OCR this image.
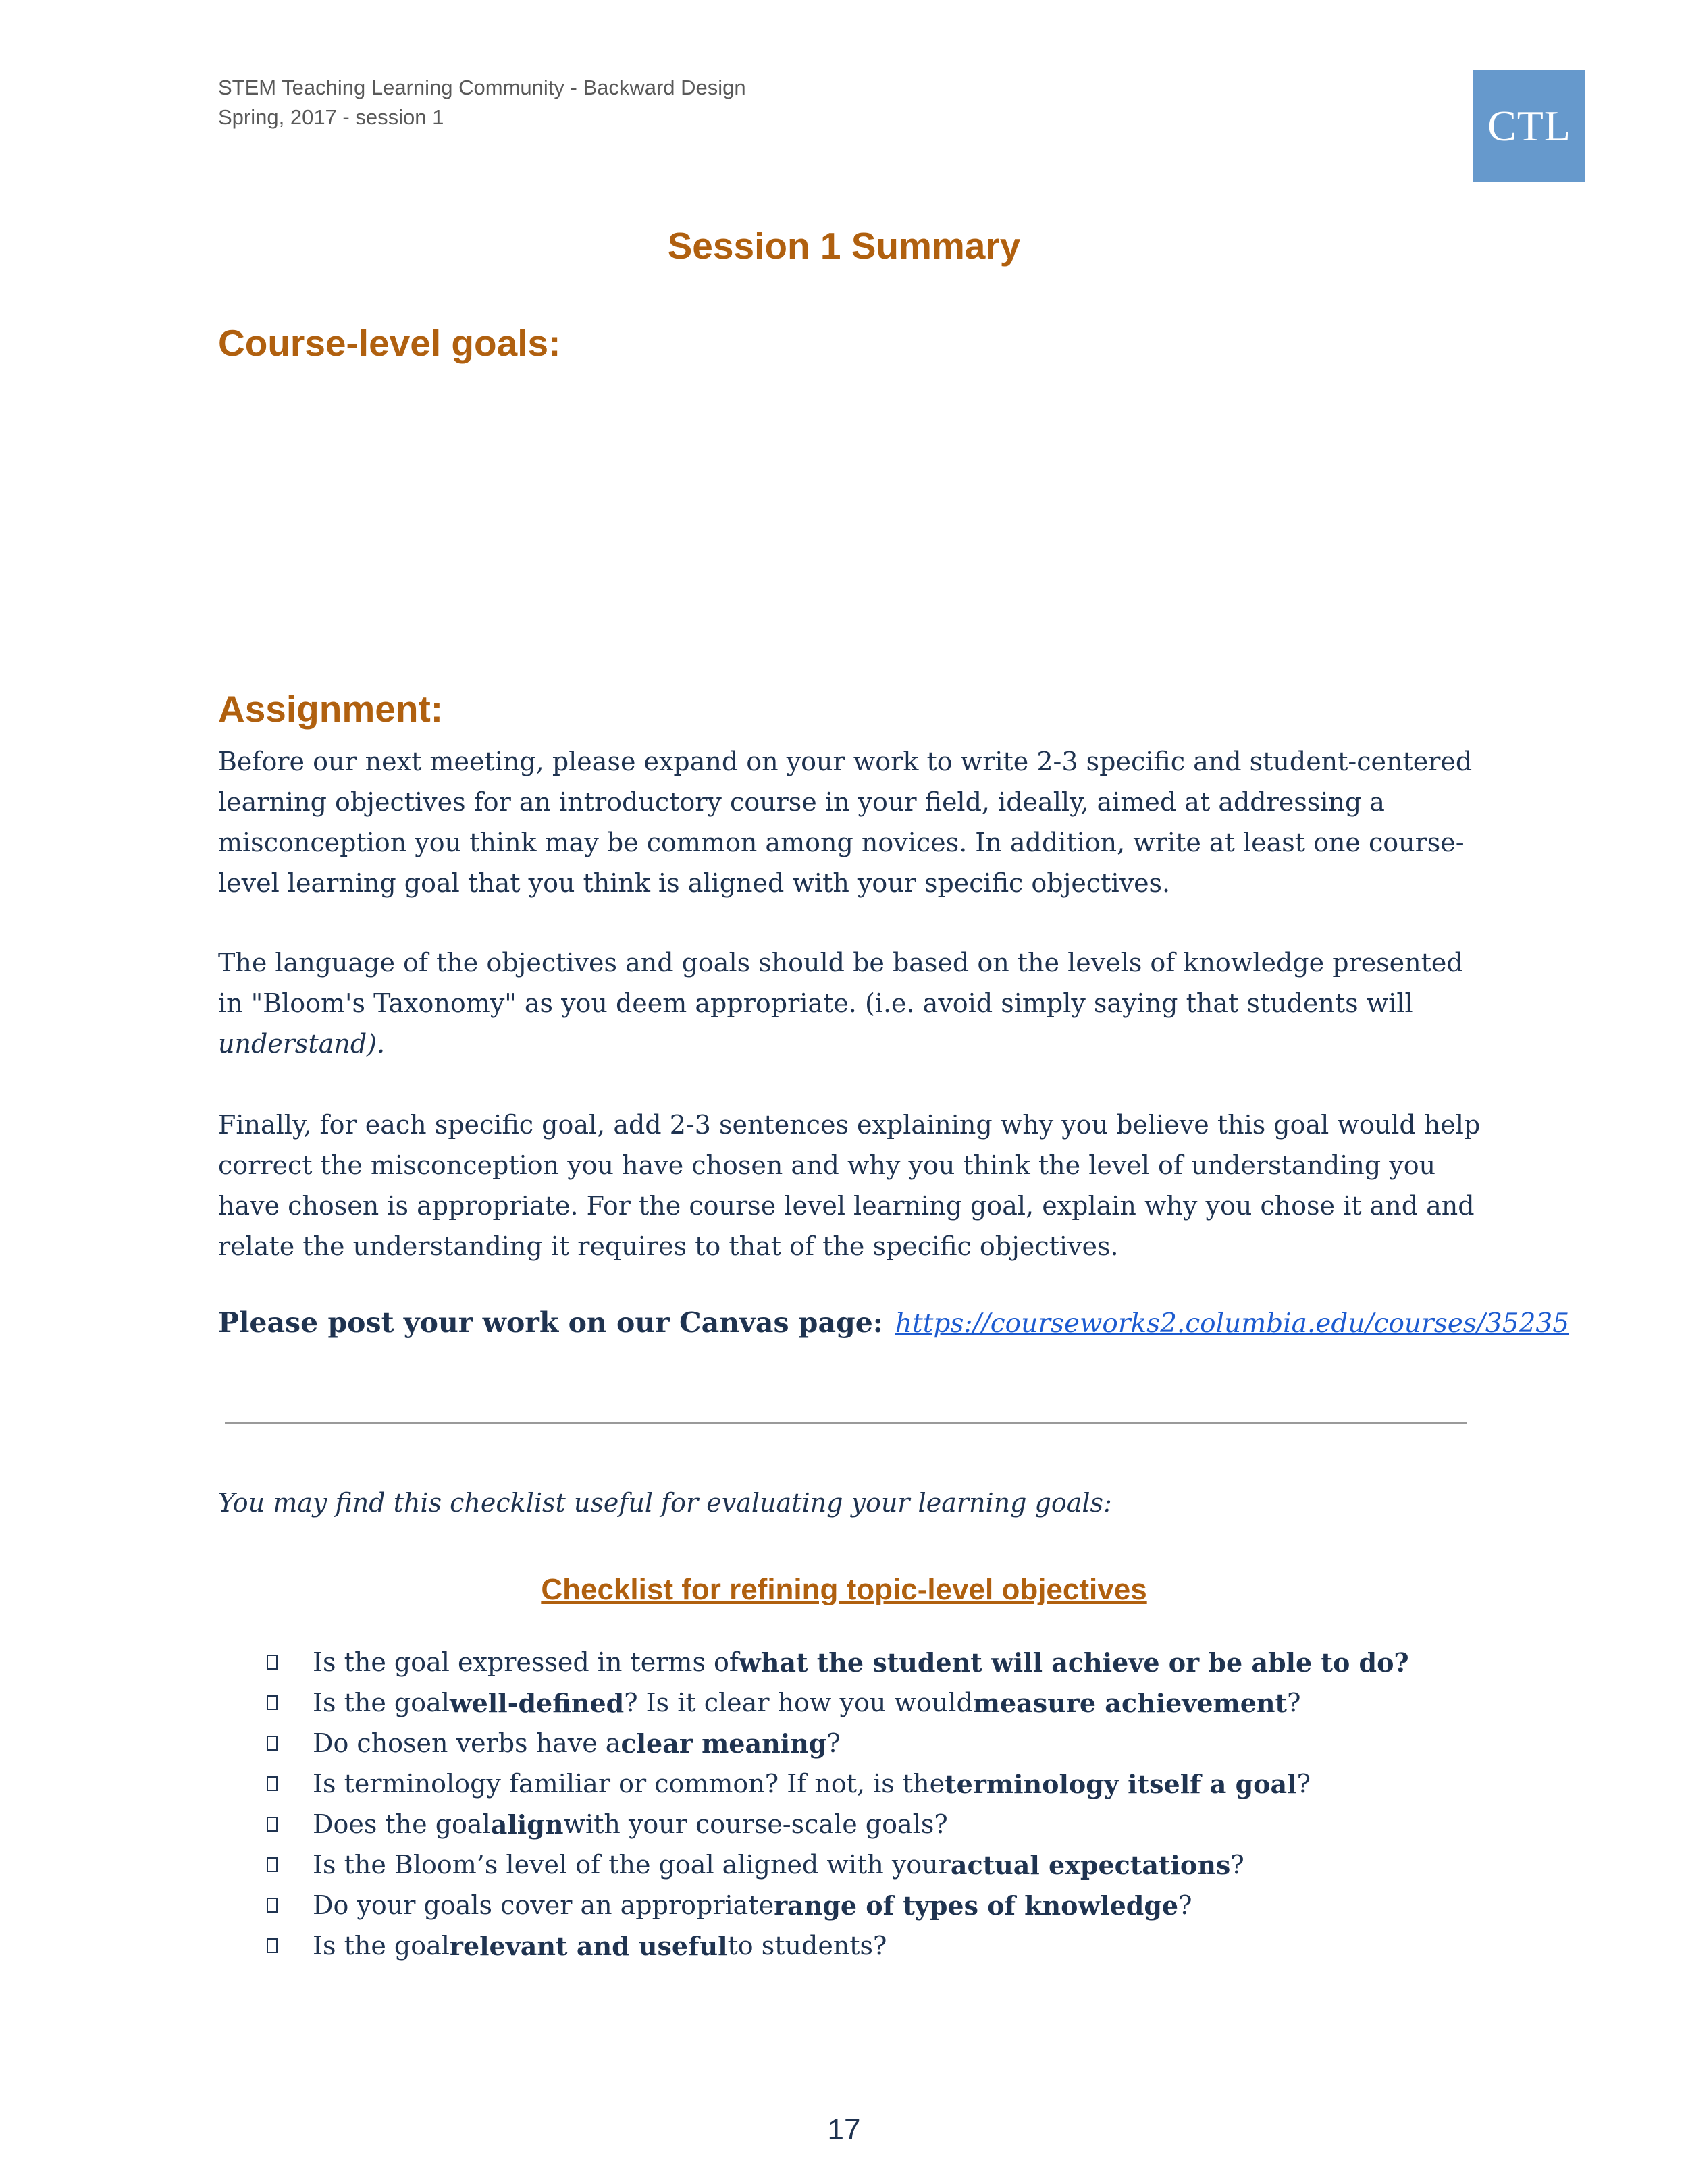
STEM Teaching Learning Community - Backward Design
Spring, 2017 - session 1	CTL
Session 1 Summary
Course-level goals:
Assignment:
Before our next meeting, please expand on your work to write 2-3 specific and student-centered learning objectives for an introductory course in your field, ideally, aimed at addressing a misconception you think may be common among novices. In addition, write at least one course-level learning goal that you think is aligned with your specific objectives.
The language of the objectives and goals should be based on the levels of knowledge presented in "Bloom's Taxonomy" as you deem appropriate. (i.e. avoid simply saying that students will understand).
Finally, for each specific goal, add 2-3 sentences explaining why you believe this goal would help correct the misconception you have chosen and why you think the level of understanding you have chosen is appropriate. For the course level learning goal, explain why you chose it and and relate the understanding it requires to that of the specific objectives.
Please post your work on our Canvas page: https://courseworks2.columbia.edu/courses/35235
You may find this checklist useful for evaluating your learning goals:
Checklist for refining topic-level objectives
Is the goal expressed in terms of what the student will achieve or be able to do?
Is the goal well-defined ? Is it clear how you would measure achievement ?
Do chosen verbs have a clear meaning ?
Is terminology familiar or common? If not, is the terminology itself a goal ?
Does the goal align with your course-scale goals?
Is the Bloom’s level of the goal aligned with your actual expectations ?
Do your goals cover an appropriate range of types of knowledge ?
Is the goal relevant and useful to students?
17
